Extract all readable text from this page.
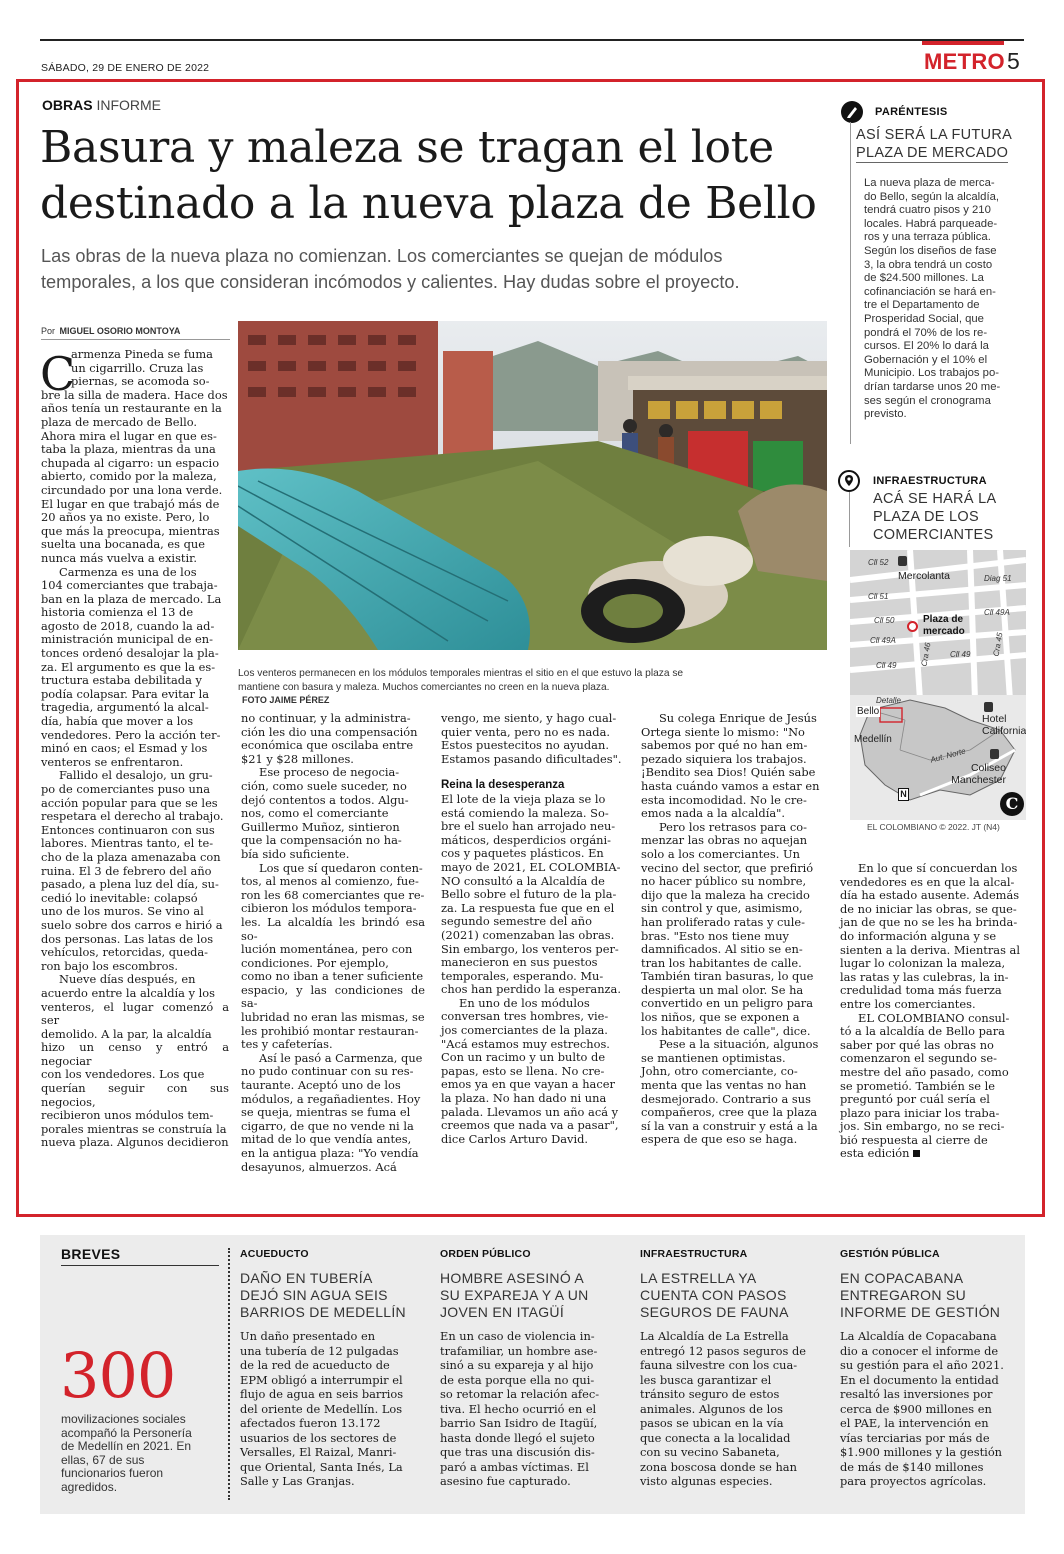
SÁBADO, 29 DE ENERO DE 2022	METRO 5
OBRAS INFORME
Basura y maleza se tragan el lote
destinado a la nueva plaza de Bello
Las obras de la nueva plaza no comienzan. Los comerciantes se quejan de módulos
temporales, a los que consideran incómodos y calientes. Hay dudas sobre el proyecto.
Por MIGUEL OSORIO MONTOYA
C
armenza Pineda se fuma
un cigarrillo. Cruza las
piernas, se acomoda so-
bre la silla de madera. Hace dos
años tenía un restaurante en la
plaza de mercado de Bello.
Ahora mira el lugar en que es-
taba la plaza, mientras da una
chupada al cigarro: un espacio
abierto, comido por la maleza,
circundado por una lona verde.
El lugar en que trabajó más de
20 años ya no existe. Pero, lo
que más la preocupa, mientras
suelta una bocanada, es que
nunca más vuelva a existir.
Carmenza es una de los
104 comerciantes que trabaja-
ban en la plaza de mercado. La
historia comienza el 13 de
agosto de 2018, cuando la ad-
ministración municipal de en-
tonces ordenó desalojar la pla-
za. El argumento es que la es-
tructura estaba debilitada y
podía colapsar. Para evitar la
tragedia, argumentó la alcal-
día, había que mover a los
vendedores. Pero la acción ter-
minó en caos; el Esmad y los
venteros se enfrentaron.
Fallido el desalojo, un gru-
po de comerciantes puso una
acción popular para que se les
respetara el derecho al trabajo.
Entonces continuaron con sus
labores. Mientras tanto, el te-
cho de la plaza amenazaba con
ruina. El 3 de febrero del año
pasado, a plena luz del día, su-
cedió lo inevitable: colapsó
uno de los muros. Se vino al
suelo sobre dos carros e hirió a
dos personas. Las latas de los
vehículos, retorcidas, queda-
ron bajo los escombros.
Nueve días después, en
acuerdo entre la alcaldía y los
venteros, el lugar comenzó a ser
demolido. A la par, la alcaldía
hizo un censo y entró a negociar
con los vendedores. Los que
querían seguir con sus negocios,
recibieron unos módulos tem-
porales mientras se construía la
nueva plaza. Algunos decidieron

Los venteros permanecen en los módulos temporales mientras el sitio en el que estuvo la plaza se
mantiene con basura y maleza. Muchos comerciantes no creen en la nueva plaza.
FOTO JAIME PÉREZ

no continuar, y la administra-
ción les dio una compensación
económica que oscilaba entre
$21 y $28 millones.
Ese proceso de negocia-
ción, como suele suceder, no
dejó contentos a todos. Algu-
nos, como el comerciante
Guillermo Muñoz, sintieron
que la compensación no ha-
bía sido suficiente.
Los que sí quedaron conten-
tos, al menos al comienzo, fue-
ron les 68 comerciantes que re-
cibieron los módulos tempora-
les. La alcaldía les brindó esa so-
lución momentánea, pero con
condiciones. Por ejemplo,
como no iban a tener suficiente
espacio, y las condiciones de sa-
lubridad no eran las mismas, se
les prohibió montar restauran-
tes y cafeterías.
Así le pasó a Carmenza, que
no pudo continuar con su res-
taurante. Aceptó uno de los
módulos, a regañadientes. Hoy
se queja, mientras se fuma el
cigarro, de que no vende ni la
mitad de lo que vendía antes,
en la antigua plaza: "Yo vendía
desayunos, almuerzos. Acá
vengo, me siento, y hago cual-
quier venta, pero no es nada.
Estos puestecitos no ayudan.
Estamos pasando dificultades".
Reina la desesperanza
El lote de la vieja plaza se lo
está comiendo la maleza. So-
bre el suelo han arrojado neu-
máticos, desperdicios orgáni-
cos y paquetes plásticos. En
mayo de 2021, EL COLOMBIA-
NO consultó a la Alcaldía de
Bello sobre el futuro de la pla-
za. La respuesta fue que en el
segundo semestre del año
(2021) comenzaban las obras.
Sin embargo, los venteros per-
manecieron en sus puestos
temporales, esperando. Mu-
chos han perdido la esperanza.
En uno de los módulos
conversan tres hombres, vie-
jos comerciantes de la plaza.
"Acá estamos muy estrechos.
Con un racimo y un bulto de
papas, esto se llena. No cre-
emos ya en que vayan a hacer
la plaza. No han dado ni una
palada. Llevamos un año acá y
creemos que nada va a pasar",
dice Carlos Arturo David.
Su colega Enrique de Jesús
Ortega siente lo mismo: "No
sabemos por qué no han em-
pezado siquiera los trabajos.
¡Bendito sea Dios! Quién sabe
hasta cuándo vamos a estar en
esta incomodidad. No le cre-
emos nada a la alcaldía".
Pero los retrasos para co-
menzar las obras no aquejan
solo a los comerciantes. Un
vecino del sector, que prefirió
no hacer público su nombre,
dijo que la maleza ha crecido
sin control y que, asimismo,
han proliferado ratas y cule-
bras. "Esto nos tiene muy
damnificados. Al sitio se en-
tran los habitantes de calle.
También tiran basuras, lo que
despierta un mal olor. Se ha
convertido en un peligro para
los niños, que se exponen a
los habitantes de calle", dice.
Pese a la situación, algunos
se mantienen optimistas.
John, otro comerciante, co-
menta que las ventas no han
desmejorado. Contrario a sus
compañeros, cree que la plaza
sí la van a construir y está a la
espera de que eso se haga.
PARÉNTESIS
ASÍ SERÁ LA FUTURA
PLAZA DE MERCADO
La nueva plaza de merca-
do Bello, según la alcaldía,
tendrá cuatro pisos y 210
locales. Habrá parqueade-
ros y una terraza pública.
Según los diseños de fase
3, la obra tendrá un costo
de $24.500 millones. La
cofinanciación se hará en-
tre el Departamento de
Prosperidad Social, que
pondrá el 70% de los re-
cursos. El 20% lo dará la
Gobernación y el 10% el
Municipio. Los trabajos po-
drían tardarse unos 20 me-
ses según el cronograma
previsto.
INFRAESTRUCTURA
ACÁ SE HARÁ LA
PLAZA DE LOS
COMERCIANTES
Cll 52
Mercolanta	Diag 51
Cll 51
Cll 50	Plaza de
mercado
Cll 49A
Cll 49A
Cra 46	Cra 45
Cll 49
Cll 49
Detalle
Bello
Hotel
California
Medellín
Aut. Norte
Coliseo
Manchester
N	C
EL COLOMBIANO © 2022. JT (N4)
En lo que sí concuerdan los
vendedores es en que la alcal-
día ha estado ausente. Además
de no iniciar las obras, se que-
jan de que no se les ha brinda-
do información alguna y se
sienten a la deriva. Mientras al
lugar lo colonizan la maleza,
las ratas y las culebras, la in-
credulidad toma más fuerza
entre los comerciantes.
EL COLOMBIANO consul-
tó a la alcaldía de Bello para
saber por qué las obras no
comenzaron el segundo se-
mestre del año pasado, como
se prometió. También se le
preguntó por cuál sería el
plazo para iniciar los traba-
jos. Sin embargo, no se reci-
bió respuesta al cierre de
esta edición
BREVES
300
movilizaciones sociales
acompañó la Personería
de Medellín en 2021. En
ellas, 67 de sus
funcionarios fueron
agredidos.
ACUEDUCTO
DAÑO EN TUBERÍA
DEJÓ SIN AGUA SEIS
BARRIOS DE MEDELLÍN
Un daño presentado en
una tubería de 12 pulgadas
de la red de acueducto de
EPM obligó a interrumpir el
flujo de agua en seis barrios
del oriente de Medellín. Los
afectados fueron 13.172
usuarios de los sectores de
Versalles, El Raizal, Manri-
que Oriental, Santa Inés, La
Salle y Las Granjas.
ORDEN PÚBLICO
HOMBRE ASESINÓ A
SU EXPAREJA Y A UN
JOVEN EN ITAGÜÍ
En un caso de violencia in-
trafamiliar, un hombre ase-
sinó a su expareja y al hijo
de esta porque ella no qui-
so retomar la relación afec-
tiva. El hecho ocurrió en el
barrio San Isidro de Itagüí,
hasta donde llegó el sujeto
que tras una discusión dis-
paró a ambas víctimas. El
asesino fue capturado.
INFRAESTRUCTURA
LA ESTRELLA YA
CUENTA CON PASOS
SEGUROS DE FAUNA
La Alcaldía de La Estrella
entregó 12 pasos seguros de
fauna silvestre con los cua-
les busca garantizar el
tránsito seguro de estos
animales. Algunos de los
pasos se ubican en la vía
que conecta a la localidad
con su vecino Sabaneta,
zona boscosa donde se han
visto algunas especies.
GESTIÓN PÚBLICA
EN COPACABANA
ENTREGARON SU
INFORME DE GESTIÓN
La Alcaldía de Copacabana
dio a conocer el informe de
su gestión para el año 2021.
En el documento la entidad
resaltó las inversiones por
cerca de $900 millones en
el PAE, la intervención en
vías terciarias por más de
$1.900 millones y la gestión
de más de $140 millones
para proyectos agrícolas.
